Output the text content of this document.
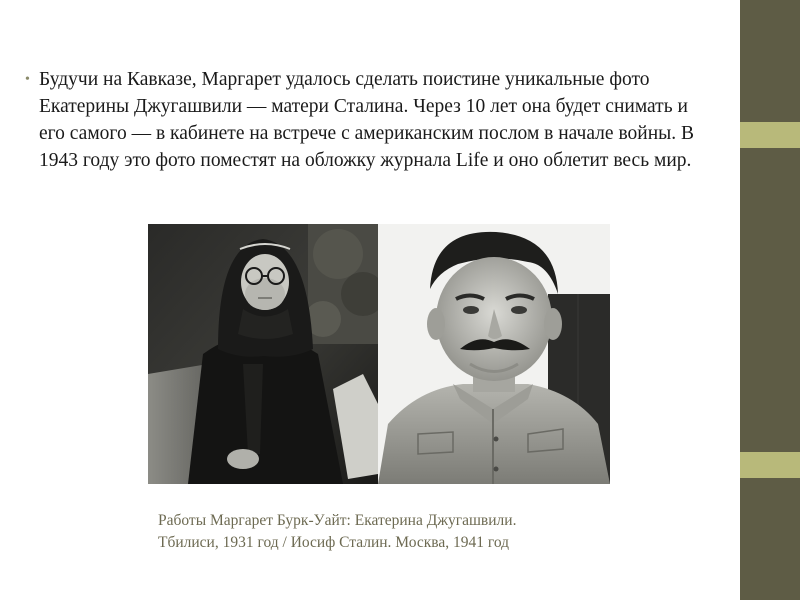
• Будучи на Кавказе, Маргарет удалось сделать поистине уникальные фото Екатерины Джугашвили — матери Сталина. Через 10 лет она будет снимать и его самого — в кабинете на встрече с американским послом в начале войны. В 1943 году это фото поместят на обложку журнала Life и оно облетит весь мир.
Работы Маргарет Бурк-Уайт: Екатерина Джугашвили.
Тбилиси, 1931 год / Иосиф Сталин. Москва, 1941 год
